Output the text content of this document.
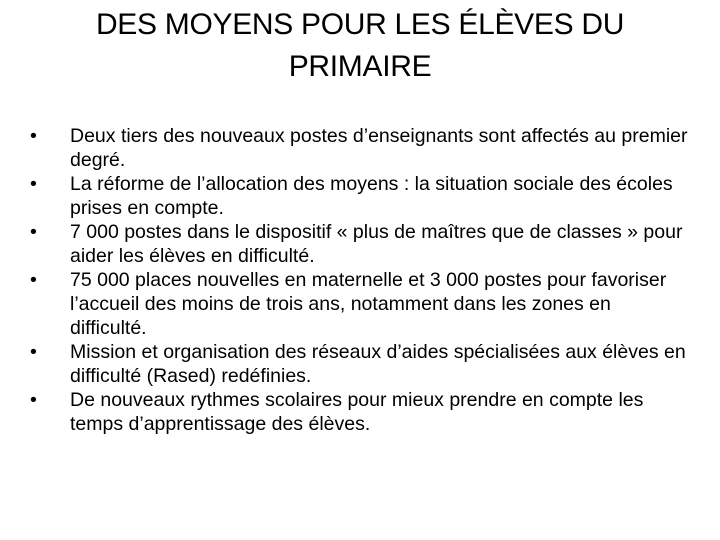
DES MOYENS POUR LES ÉLÈVES DU PRIMAIRE
•	Deux tiers des nouveaux postes d’enseignants sont affectés au premier degré.
•	La réforme de l’allocation des moyens : la situation sociale des écoles prises en compte.
•	7 000 postes dans le dispositif « plus de maîtres que de classes » pour aider les élèves en difficulté.
•	75 000 places nouvelles en maternelle et 3 000 postes pour favoriser l’accueil des moins de trois ans, notamment dans les zones en difficulté.
•	Mission et organisation des réseaux d’aides spécialisées aux élèves en difficulté (Rased) redéfinies.
•	De nouveaux rythmes scolaires pour mieux prendre en compte les temps d’apprentissage des élèves.
